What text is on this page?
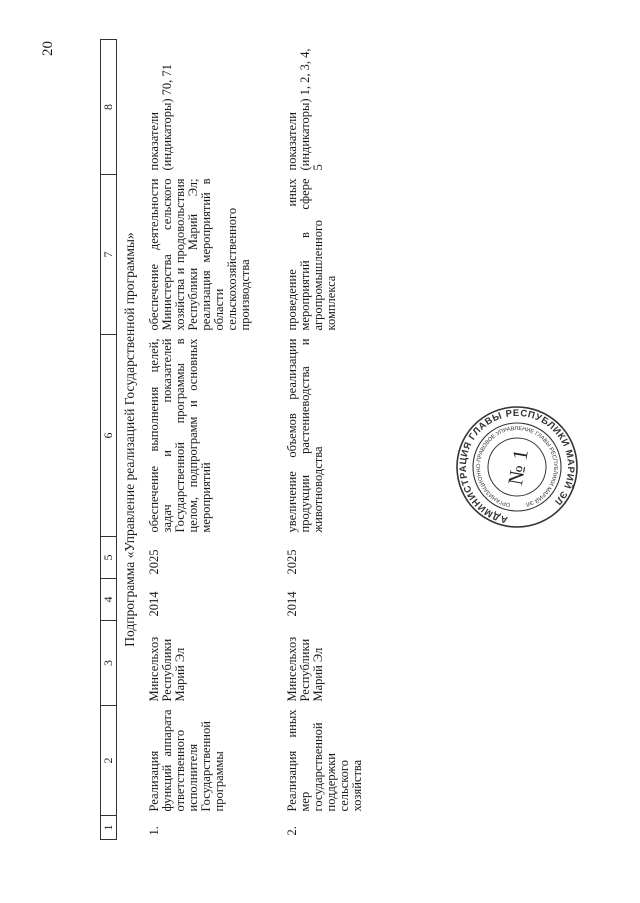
20
1	2	3	4	5	6	7	8
Подпрограмма «Управление реализацией Государственной программы»							
1.	Реализация функций аппарата ответственного исполнителя Государственной программы	Минсельхоз Республики Марий Эл	2014	2025	обеспечение выполнения целей, задач и показателей Государственной программы в целом, подпрограмм и основных мероприятий	обеспечение деятельности Министерства сельского хозяйства и продовольствия Республики Марий Эл; реализация мероприятий в области сельскохозяйственного производства	показатели (индикаторы) 70, 71
2.	Реализация иных мер государственной поддержки сельского хозяйства	Минсельхоз Республики Марий Эл	2014	2025	увеличение объемов реализации продукции растениеводства и животноводства	проведение иных мероприятий в сфере агропромышленного комплекса	показатели (индикаторы) 1, 2, 3, 4, 5
АДМИНИСТРАЦИЯ ГЛАВЫ РЕСПУБЛИКИ МАРИЙ ЭЛ
ОРГАНИЗАЦИОННО-ПРАВОВОЕ УПРАВЛЕНИЕ ГЛАВЫ РЕСПУБЛИКИ МАРИЙ ЭЛ
№ 1
